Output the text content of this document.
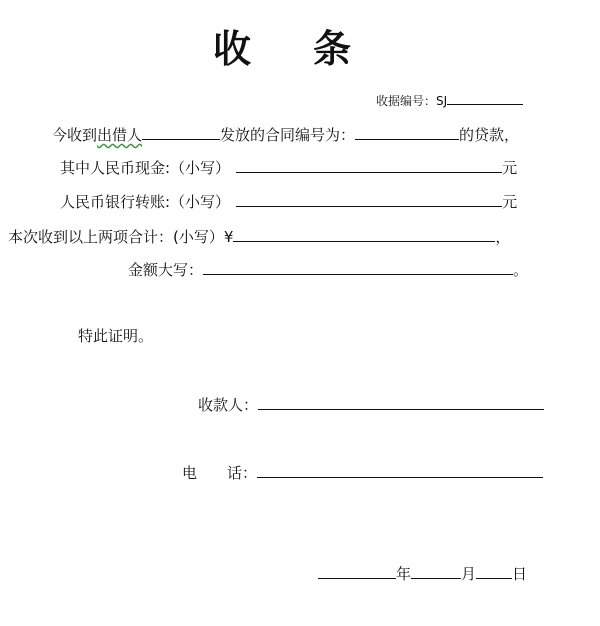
收 条
收据编号：SJ
今收到出借人	发放的合同编号为：	的贷款，
其中人民币现金:（小写）	元
人民币银行转账:（小写）	元
本次收到以上两项合计：(小写）¥	，
金额大写：	。
特此证明。
收款人：
电　　话：
年	月 日
